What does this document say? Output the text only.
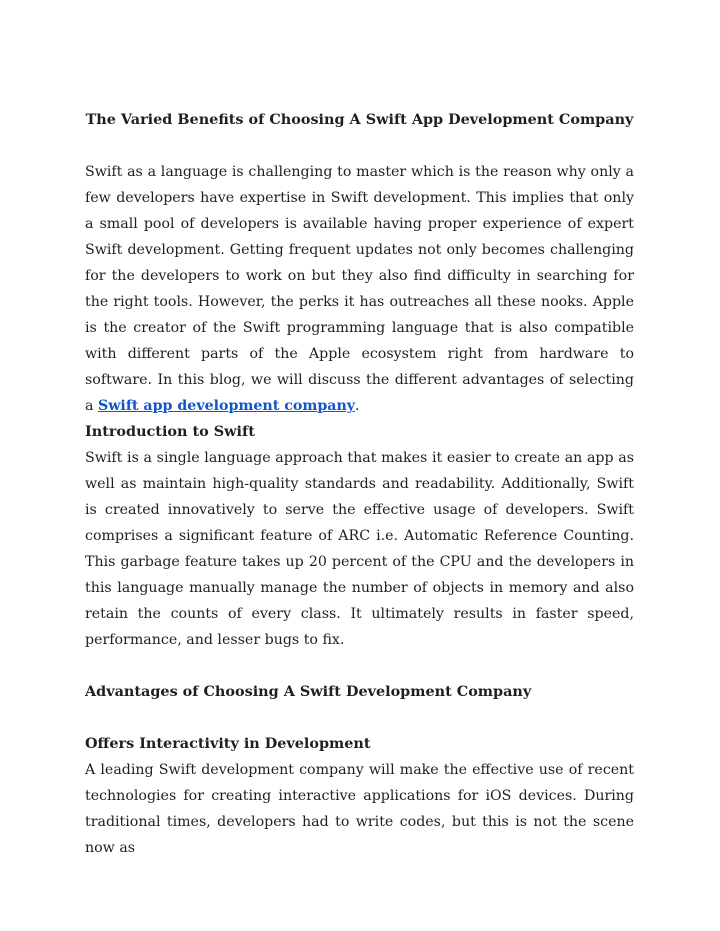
The Varied Benefits of Choosing A Swift App Development Company

Swift as a language is challenging to master which is the reason why only a few developers have expertise in Swift development. This implies that only a small pool of developers is available having proper experience of expert Swift development. Getting frequent updates not only becomes challenging for the developers to work on but they also find difficulty in searching for the right tools. However, the perks it has outreaches all these nooks. Apple is the creator of the Swift programming language that is also compatible with different parts of the Apple ecosystem right from hardware to software. In this blog, we will discuss the different advantages of selecting a Swift app development company.

Introduction to Swift

Swift is a single language approach that makes it easier to create an app as well as maintain high-quality standards and readability. Additionally, Swift is created innovatively to serve the effective usage of developers. Swift comprises a significant feature of ARC i.e. Automatic Reference Counting. This garbage feature takes up 20 percent of the CPU and the developers in this language manually manage the number of objects in memory and also retain the counts of every class. It ultimately results in faster speed, performance, and lesser bugs to fix.

Advantages of Choosing A Swift Development Company
Offers Interactivity in Development

A leading Swift development company will make the effective use of recent technologies for creating interactive applications for iOS devices. During traditional times, developers had to write codes, but this is not the scene now as
